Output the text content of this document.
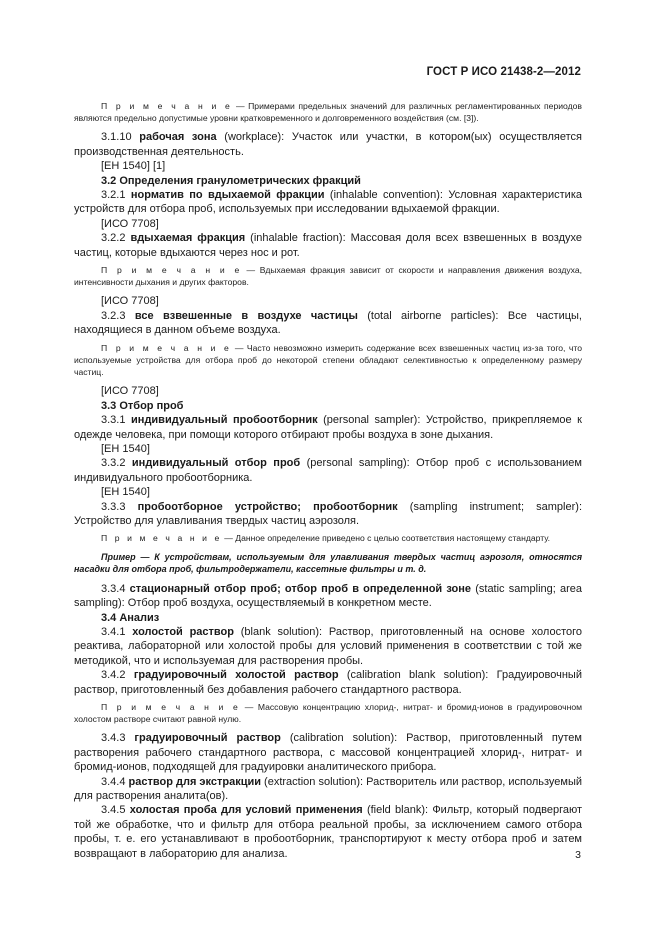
ГОСТ Р ИСО 21438-2—2012

П р и м е ч а н и е — Примерами предельных значений для различных регламентированных периодов являются предельно допустимые уровни кратковременного и долговременного воздействия (см. [3]).

3.1.10 рабочая зона (workplace): Участок или участки, в котором(ых) осуществляется производственная деятельность.

[ЕН 1540] [1]

3.2 Определения гранулометрических фракций

3.2.1 норматив по вдыхаемой фракции (inhalable convention): Условная характеристика устройств для отбора проб, используемых при исследовании вдыхаемой фракции.

[ИСО 7708]

3.2.2 вдыхаемая фракция (inhalable fraction): Массовая доля всех взвешенных в воздухе частиц, которые вдыхаются через нос и рот.

П р и м е ч а н и е — Вдыхаемая фракция зависит от скорости и направления движения воздуха, интенсивности дыхания и других факторов.

[ИСО 7708]

3.2.3 все взвешенные в воздухе частицы (total airborne particles): Все частицы, находящиеся в данном объеме воздуха.

П р и м е ч а н и е — Часто невозможно измерить содержание всех взвешенных частиц из-за того, что используемые устройства для отбора проб до некоторой степени обладают селективностью к определенному размеру частиц.

[ИСО 7708]

3.3 Отбор проб

3.3.1 индивидуальный пробоотборник (personal sampler): Устройство, прикрепляемое к одежде человека, при помощи которого отбирают пробы воздуха в зоне дыхания.

[ЕН 1540]

3.3.2 индивидуальный отбор проб (personal sampling): Отбор проб с использованием индивидуального пробоотборника.

[ЕН 1540]

3.3.3 пробоотборное устройство; пробоотборник (sampling instrument; sampler): Устройство для улавливания твердых частиц аэрозоля.

П р и м е ч а н и е — Данное определение приведено с целью соответствия настоящему стандарту.

Пример — К устройствам, используемым для улавливания твердых частиц аэрозоля, относятся насадки для отбора проб, фильтродержатели, кассетные фильтры и т. д.

3.3.4 стационарный отбор проб; отбор проб в определенной зоне (static sampling; area sampling): Отбор проб воздуха, осуществляемый в конкретном месте.

3.4 Анализ

3.4.1 холостой раствор (blank solution): Раствор, приготовленный на основе холостого реактива, лабораторной или холостой пробы для условий применения в соответствии с той же методикой, что и используемая для растворения пробы.

3.4.2 градуировочный холостой раствор (calibration blank solution): Градуировочный раствор, приготовленный без добавления рабочего стандартного раствора.

П р и м е ч а н и е — Массовую концентрацию хлорид-, нитрат- и бромид-ионов в градуировочном холостом растворе считают равной нулю.

3.4.3 градуировочный раствор (calibration solution): Раствор, приготовленный путем растворения рабочего стандартного раствора, с массовой концентрацией хлорид-, нитрат- и бромид-ионов, подходящей для градуировки аналитического прибора.

3.4.4 раствор для экстракции (extraction solution): Растворитель или раствор, используемый для растворения аналита(ов).

3.4.5 холостая проба для условий применения (field blank): Фильтр, который подвергают той же обработке, что и фильтр для отбора реальной пробы, за исключением самого отбора пробы, т. е. его устанавливают в пробоотборник, транспортируют к месту отбора проб и затем возвращают в лабораторию для анализа.	3
